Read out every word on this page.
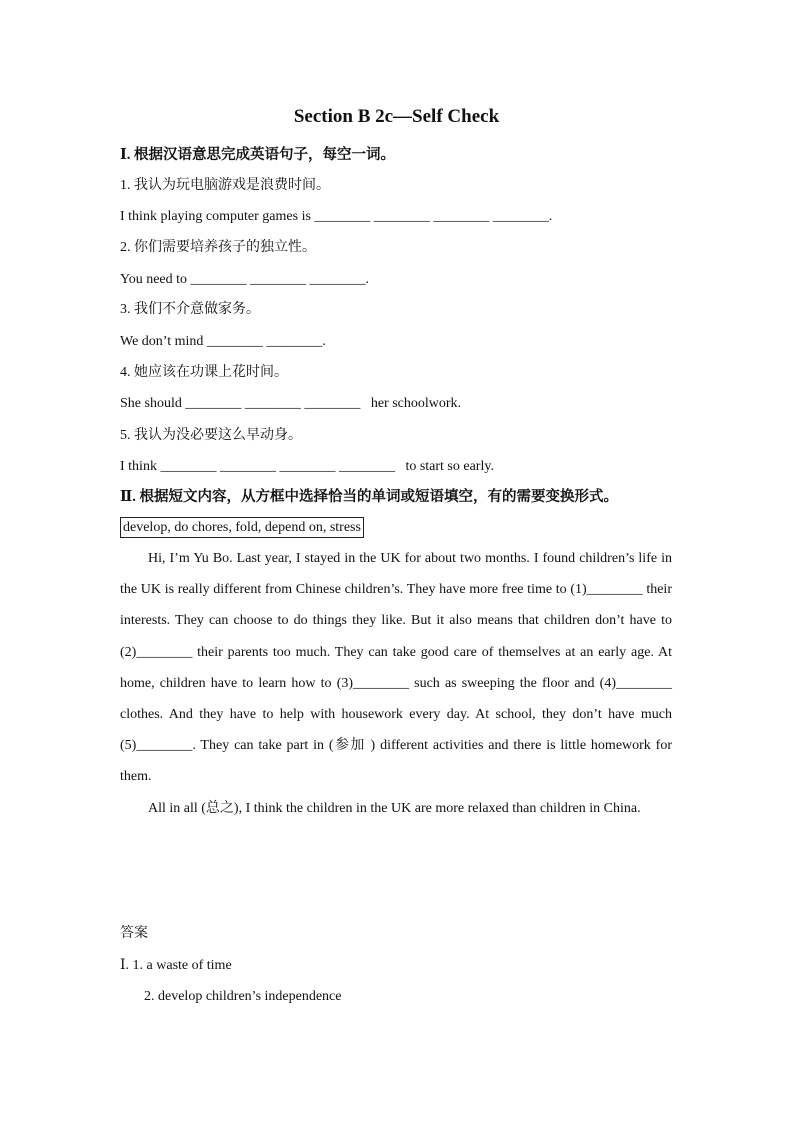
Section B 2c—Self Check
Ⅰ. 根据汉语意思完成英语句子，每空一词。
1. 我认为玩电脑游戏是浪费时间。
I think playing computer games is ________ ________ ________ ________.
2. 你们需要培养孩子的独立性。
You need to ________ ________ ________.
3. 我们不介意做家务。
We don’t mind ________ ________.
4. 她应该在功课上花时间。
She should ________ ________ ________   her schoolwork.
5. 我认为没必要这么早动身。
I think ________ ________ ________ ________   to start so early.
Ⅱ. 根据短文内容，从方框中选择恰当的单词或短语填空，有的需要变换形式。
develop, do chores, fold, depend on, stress

Hi, I’m Yu Bo. Last year, I stayed in the UK for about two months. I found children’s life in the UK is really different from Chinese children’s. They have more free time to (1)________ their interests. They can choose to do things they like. But it also means that children don’t have to (2)________ their parents too much. They can take good care of themselves at an early age. At home, children have to learn how to (3)________ such as sweeping the floor and (4)________ clothes. And they have to help with housework every day. At school, they don’t have much (5)________. They can take part in (参加 ) different activities and there is little homework for them.

All in all (总之), I think the children in the UK are more relaxed than children in China.

答案
Ⅰ. 1. a waste of time
2. develop children’s independence
